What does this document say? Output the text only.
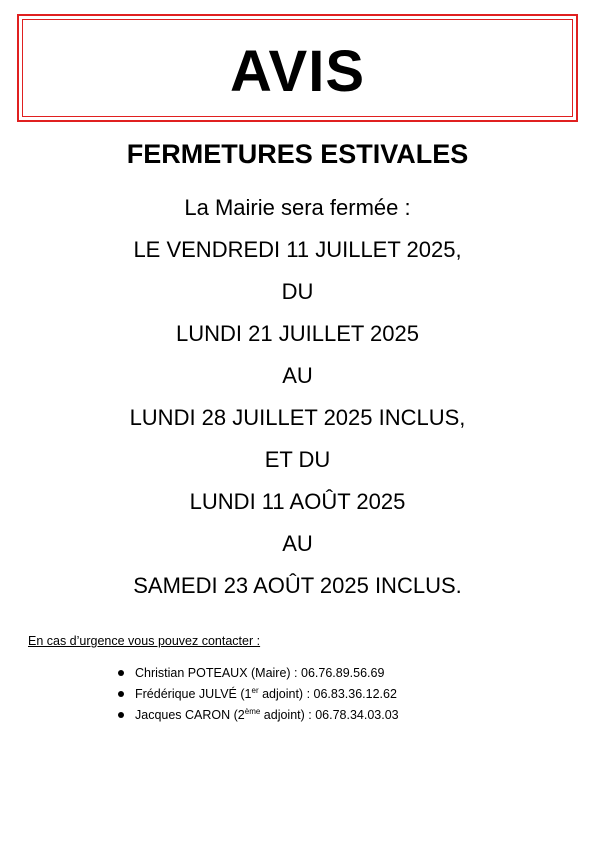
AVIS
FERMETURES ESTIVALES
La Mairie sera fermée :
LE VENDREDI 11 JUILLET 2025,
DU
LUNDI 21 JUILLET 2025
AU
LUNDI 28 JUILLET 2025 INCLUS,
ET DU
LUNDI 11 AOÛT 2025
AU
SAMEDI 23 AOÛT 2025 INCLUS.
En cas d’urgence vous pouvez contacter :
Christian POTEAUX (Maire) : 06.76.89.56.69
Frédérique JULVÉ (1er adjoint) : 06.83.36.12.62
Jacques CARON (2ème adjoint) : 06.78.34.03.03
